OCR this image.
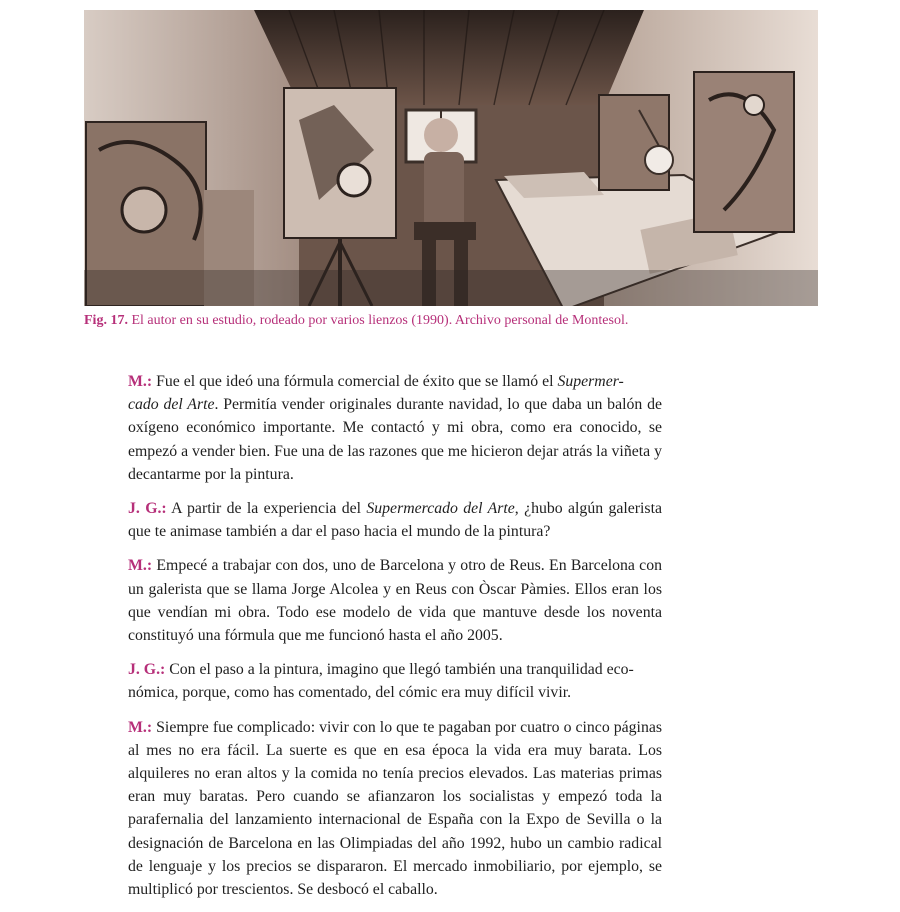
Fig. 17. El autor en su estudio, rodeado por varios lienzos (1990). Archivo personal de Montesol.

M.: Fue el que ideó una fórmula comercial de éxito que se llamó el Supermer-
cado del Arte. Permitía vender originales durante navidad, lo que daba un balón de oxígeno económico importante. Me contactó y mi obra, como era conocido, se empezó a vender bien. Fue una de las razones que me hicieron dejar atrás la viñeta y decantarme por la pintura.

J. G.: A partir de la experiencia del Supermercado del Arte, ¿hubo algún galerista que te animase también a dar el paso hacia el mundo de la pintura?

M.: Empecé a trabajar con dos, uno de Barcelona y otro de Reus. En Barcelona con un galerista que se llama Jorge Alcolea y en Reus con Òscar Pàmies. Ellos eran los que vendían mi obra. Todo ese modelo de vida que mantuve desde los noventa constituyó una fórmula que me funcionó hasta el año 2005.

J. G.: Con el paso a la pintura, imagino que llegó también una tranquilidad eco-
nómica, porque, como has comentado, del cómic era muy difícil vivir.

M.: Siempre fue complicado: vivir con lo que te pagaban por cuatro o cinco páginas al mes no era fácil. La suerte es que en esa época la vida era muy barata. Los alquileres no eran altos y la comida no tenía precios elevados. Las materias primas eran muy baratas. Pero cuando se afianzaron los socialistas y empezó toda la parafernalia del lanzamiento internacional de España con la Expo de Sevilla o la designación de Barcelona en las Olimpiadas del año 1992, hubo un cambio radical de lenguaje y los precios se dispararon. El mercado inmobiliario, por ejemplo, se multiplicó por trescientos. Se desbocó el caballo.
